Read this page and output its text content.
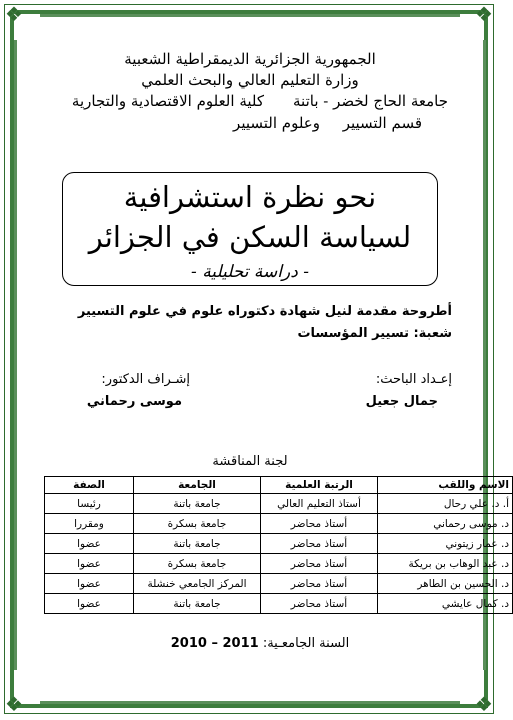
❖	❖
❖	❖
الجمهورية الجزائرية الديمقراطية الشعبية
وزارة التعليم العالي والبحث العلمي
جامعة الحاج لخضر - باتنة
كلية العلوم الاقتصادية والتجارية
قسم التسيير
وعلوم التسيير
نحو نظرة استشرافية
لسياسة السكن في الجزائر
- دراسة تحليلية -
أطروحة مقدمة لنيل شهادة دكتوراه علوم في علوم التسيير
شعبة: تسيير المؤسسات
إعـداد الباحث:
جمال جعيل
إشـراف الدكتور:
موسى رحماني
لجنة المناقشة
الاسم واللقب	الرتبة العلمية	الجامعة	الصفة
أ. د. علي رحال	أستاذ التعليم العالي	جامعة باتنة	رئيسا
د. موسى رحماني	أستاذ محاضر	جامعة بسكرة	ومقررا
د. عمار زيتوني	أستاذ محاضر	جامعة باتنة	عضوا
د. عبد الوهاب بن بريكة	أستاذ محاضر	جامعة بسكرة	عضوا
د. الحسين بن الطاهر	أستاذ محاضر	المركز الجامعي خنشلة	عضوا
د. كمال عايشي	أستاذ محاضر	جامعة باتنة	عضوا
السنة الجامعـية: 2010 – 2011
